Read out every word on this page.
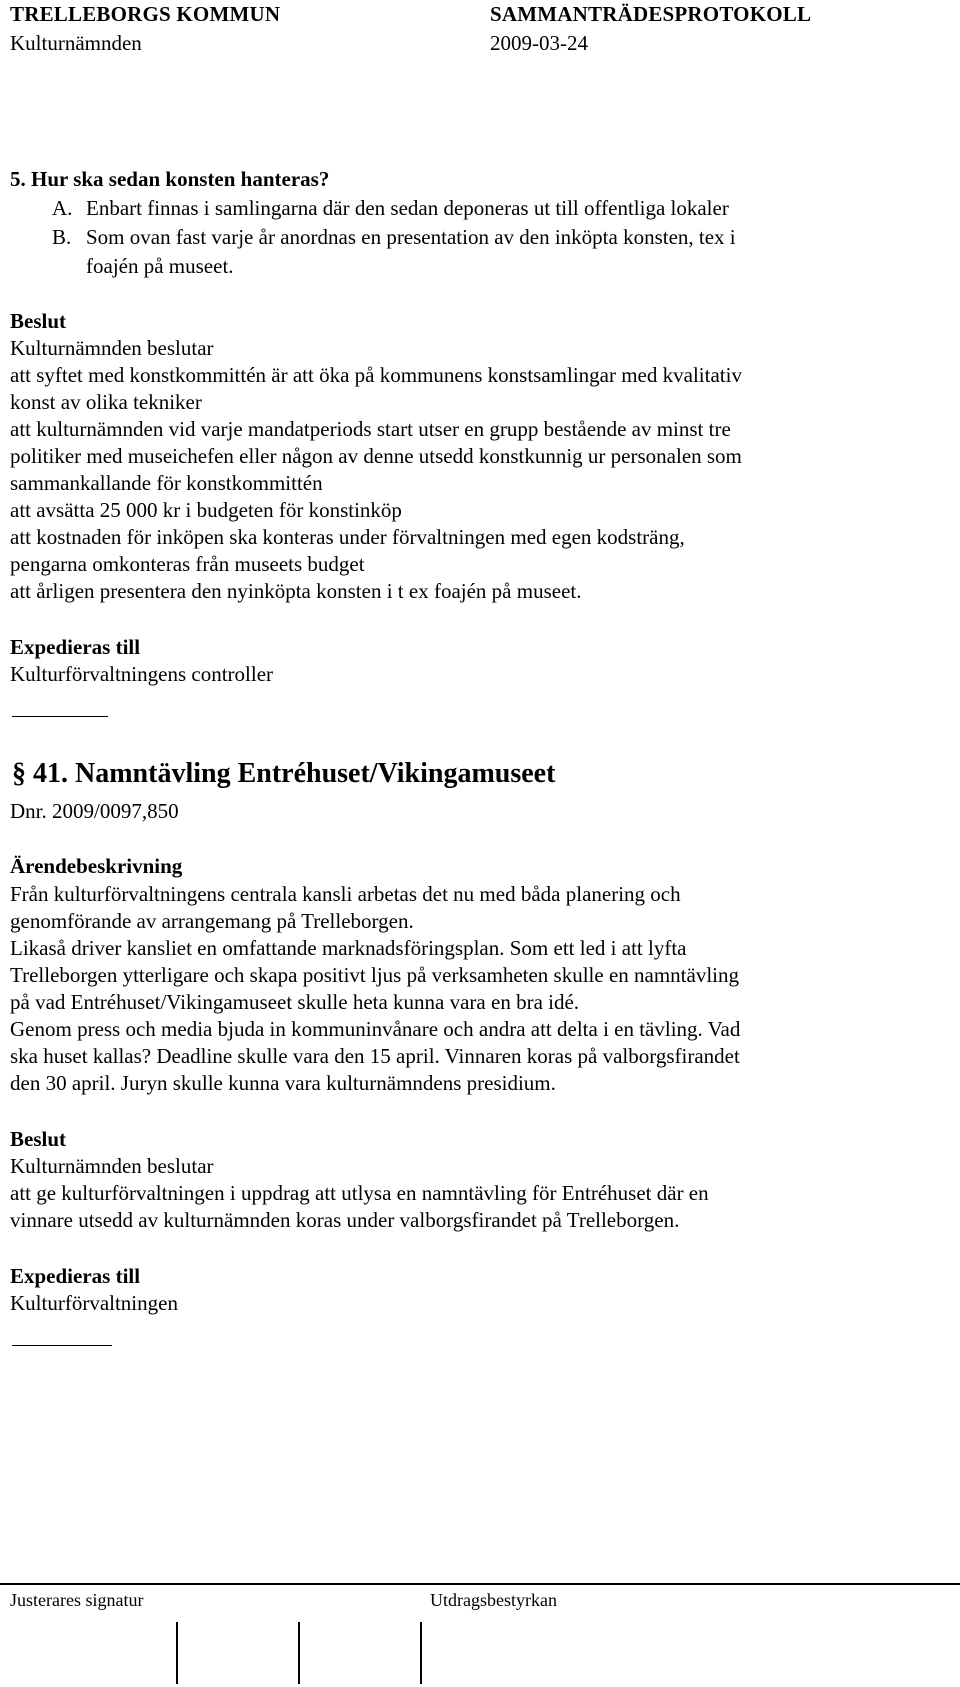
TRELLEBORGS KOMMUN	SAMMANTRÄDESPROTOKOLL
Kulturnämnden	2009-03-24
5. Hur ska sedan konsten hanteras?
A. Enbart finnas i samlingarna där den sedan deponeras ut till offentliga lokaler
B. Som ovan fast varje år anordnas en presentation av den inköpta konsten, tex i
foajén på museet.
Beslut
Kulturnämnden beslutar
att syftet med konstkommittén är att öka på kommunens konstsamlingar med kvalitativ
konst av olika tekniker
att kulturnämnden vid varje mandatperiods start utser en grupp bestående av minst tre
politiker med museichefen eller någon av denne utsedd konstkunnig ur personalen som
sammankallande för konstkommittén
att avsätta 25 000 kr i budgeten för konstinköp
att kostnaden för inköpen ska konteras under förvaltningen med egen kodsträng,
pengarna omkonteras från museets budget
att årligen presentera den nyinköpta konsten i t ex foajén på museet.
Expedieras till
Kulturförvaltningens controller
§ 41. Namntävling Entréhuset/Vikingamuseet
Dnr. 2009/0097,850
Ärendebeskrivning
Från kulturförvaltningens centrala kansli arbetas det nu med båda planering och
genomförande av arrangemang på Trelleborgen.
Likaså driver kansliet en omfattande marknadsföringsplan. Som ett led i att lyfta
Trelleborgen ytterligare och skapa positivt ljus på verksamheten skulle en namntävling
på vad Entréhuset/Vikingamuseet skulle heta kunna vara en bra idé.
Genom press och media bjuda in kommuninvånare och andra att delta i en tävling. Vad
ska huset kallas? Deadline skulle vara den 15 april. Vinnaren koras på valborgsfirandet
den 30 april. Juryn skulle kunna vara kulturnämndens presidium.
Beslut
Kulturnämnden beslutar
att ge kulturförvaltningen i uppdrag att utlysa en namntävling för Entréhuset där en
vinnare utsedd av kulturnämnden koras under valborgsfirandet på Trelleborgen.
Expedieras till
Kulturförvaltningen
Justerares signatur	Utdragsbestyrkan
